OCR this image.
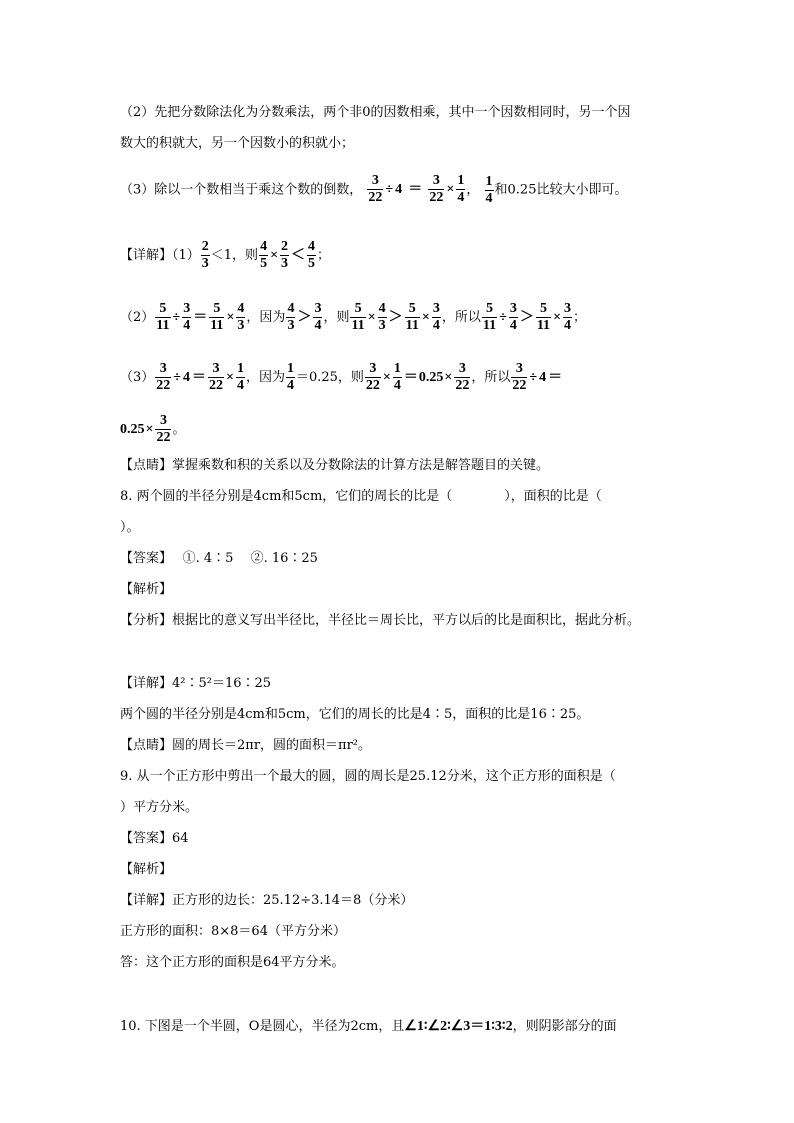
（2）先把分数除法化为分数乘法，两个非0的因数相乘，其中一个因数相同时，另一个因
数大的积就大，另一个因数小的积就小；
（3）除以一个数相当于乘这个数的倒数， $\frac{3}{22} \div 4 = \frac{3}{22} \times \frac{1}{4}$ ， $\frac{1}{4}$ 和0.25比较大小即可。
【详解】$(1) \frac{2}{3} <1$，则 $\frac{4}{5} \times \frac{2}{3} < \frac{4}{5}$ ；
$(2) \frac{5}{11} \div \frac{3}{4} = \frac{5}{11} \times \frac{4}{3}$ ，因为 $\frac{4}{3} > \frac{3}{4}$ ，则 $\frac{5}{11} \times \frac{4}{3} > \frac{5}{11} \times \frac{3}{4}$ ，所以 $\frac{5}{11} \div \frac{3}{4} > \frac{5}{11} \times \frac{3}{4}$ ；
$(3) \frac{3}{22} \div 4 = \frac{3}{22} \times \frac{1}{4}$ ，因为 $\frac{1}{4} =0.25$，则 $\frac{3}{22} \times \frac{1}{4} =0.25\times \frac{3}{22}$ ，所以 $\frac{3}{22} \div 4$ ＝
$0.25\times \frac{3}{22}$ 。
【点睛】掌握乘数和积的关系以及分数除法的计算方法是解答题目的关键。
8. 两个圆的半径分别是4cm和5cm，它们的周长的比是（　　　　），面积的比是（
）。
【答案】　 ①. 4∶5　 ②. 16∶25
【解析】
【分析】根据比的意义写出半径比，半径比＝周长比，平方以后的比是面积比，据此分析。
【详解】4²∶5²＝16∶25
两个圆的半径分别是4cm和5cm，它们的周长的比是4∶5，面积的比是16∶25。
【点睛】圆的周长＝2πr，圆的面积＝πr²。
9. 从一个正方形中剪出一个最大的圆，圆的周长是25.12分米，这个正方形的面积是（
）平方分米。
【答案】64
【解析】
【详解】正方形的边长：25.12÷3.14＝8（分米）
正方形的面积：8×8＝64（平方分米）
答：这个正方形的面积是64平方分米。
10. 下图是一个半圆，O是圆心，半径为2cm，且∠1∶∠2∶∠3＝1∶3∶2，则阴影部分的面
